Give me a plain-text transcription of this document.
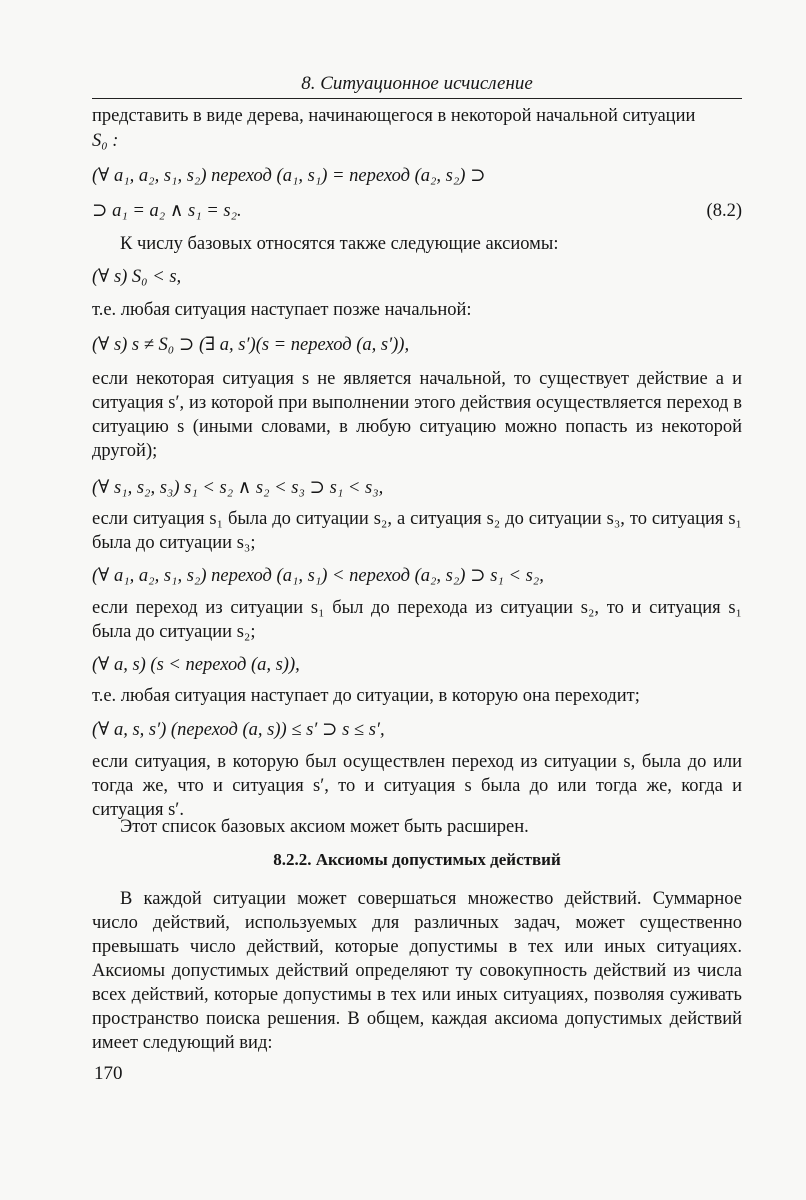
8. Ситуационное исчисление
представить в виде дерева, начинающегося в некоторой начальной ситуации
S₀ :
(∀ a₁, a₂, s₁, s₂) переход (a₁, s₁) = переход (a₂, s₂) ⊃
⊃ a₁ = a₂ ∧ s₁ = s₂.	(8.2)
К числу базовых относятся также следующие аксиомы:
(∀ s) S₀ < s,
т.е. любая ситуация наступает позже начальной:
(∀ s) s ≠ S₀ ⊃ (∃ a, s′)(s = переход (a, s′)),
если некоторая ситуация s не является начальной, то существует действие a и ситуация s′, из которой при выполнении этого действия осуществляется переход в ситуацию s (иными словами, в любую ситуацию можно попасть из некоторой другой);
(∀ s₁, s₂, s₃) s₁ < s₂ ∧ s₂ < s₃ ⊃ s₁ < s₃,
если ситуация s₁ была до ситуации s₂, а ситуация s₂ до ситуации s₃, то ситуация s₁ была до ситуации s₃;
(∀ a₁, a₂, s₁, s₂) переход (a₁, s₁) < переход (a₂, s₂) ⊃ s₁ < s₂,
если переход из ситуации s₁ был до перехода из ситуации s₂, то и ситуация s₁ была до ситуации s₂;
(∀ a, s) (s < переход (a, s)),
т.е. любая ситуация наступает до ситуации, в которую она переходит;
(∀ a, s, s′) (переход (a, s)) ≤ s′ ⊃ s ≤ s′,
если ситуация, в которую был осуществлен переход из ситуации s, была до или тогда же, что и ситуация s′, то и ситуация s была до или тогда же, когда и ситуация s′.
Этот список базовых аксиом может быть расширен.
8.2.2. Аксиомы допустимых действий
В каждой ситуации может совершаться множество действий. Суммарное число действий, используемых для различных задач, может существенно превышать число действий, которые допустимы в тех или иных ситуациях. Аксиомы допустимых действий определяют ту совокупность действий из числа всех действий, которые допустимы в тех или иных ситуациях, позволяя суживать пространство поиска решения. В общем, каждая аксиома допустимых действий имеет следующий вид:
170
